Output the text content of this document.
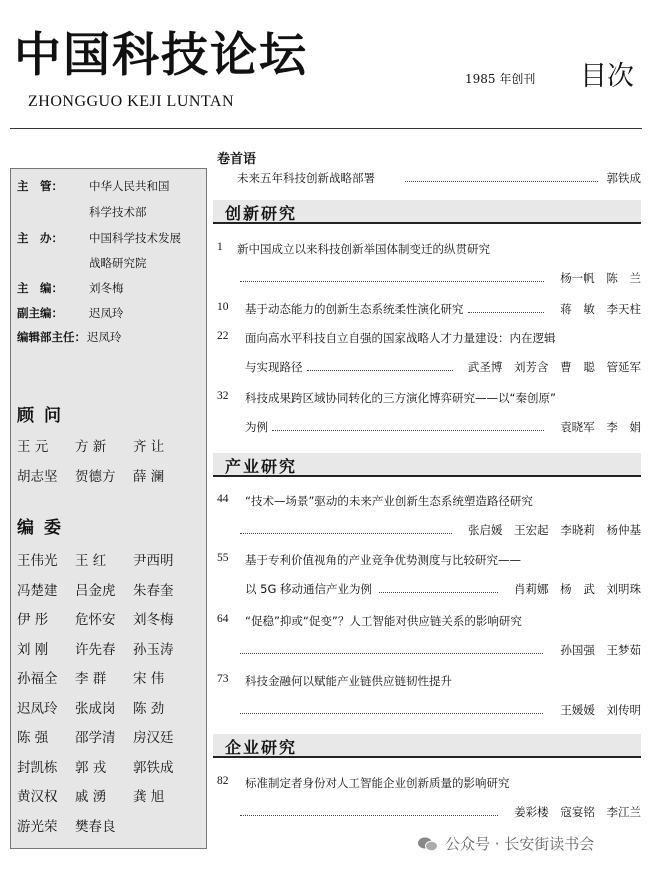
中国科技论坛
ZHONGGUO KEJI LUNTAN
1985 年创刊 目次
主　管： 中华人民共和国
科学技术部
主　办： 中国科学技术发展
战略研究院
主　编： 刘冬梅
副主编： 迟凤玲
编辑部主任： 迟凤玲
顾问
王 元	方 新	齐 让
胡志坚	贺德方	薛 澜
编委
王伟光	王 红	尹西明
冯楚建	吕金虎	朱春奎
伊 彤	危怀安	刘冬梅
刘 刚	许先春	孙玉涛
孙福全	李 群	宋 伟
迟凤玲	张成岗	陈 劲
陈 强	邵学清	房汉廷
封凯栋	郭 戎	郭铁成
黄汉权	戚 湧	龚 旭
游光荣	樊春良
卷首语
未来五年科技创新战略部署	郭铁成
创新研究
1 新中国成立以来科技创新举国体制变迁的纵贯研究
杨一帆 陈 兰
10 基于动态能力的创新生态系统柔性演化研究	蒋 敏 李天柱
22 面向高水平科技自立自强的国家战略人才力量建设：内在逻辑
与实现路径	武圣博 刘芳含 曹 聪 管延军
32 科技成果跨区域协同转化的三方演化博弈研究——以“秦创原”
为例	袁晓军 李 娟
产业研究
44 “技术—场景”驱动的未来产业创新生态系统塑造路径研究
张启媛 王宏起 李晓莉 杨仲基
55 基于专利价值视角的产业竞争优势测度与比较研究——
以 5G 移动通信产业为例	肖莉娜 杨 武 刘明珠
64 “促稳”抑或“促变”？人工智能对供应链关系的影响研究
孙国强 王梦茹
73 科技金融何以赋能产业链供应链韧性提升
王媛媛 刘传明
企业研究
82 标准制定者身份对人工智能企业创新质量的影响研究
姜彩楼 寇宴铭 李江兰
公众号 · 长安街读书会
